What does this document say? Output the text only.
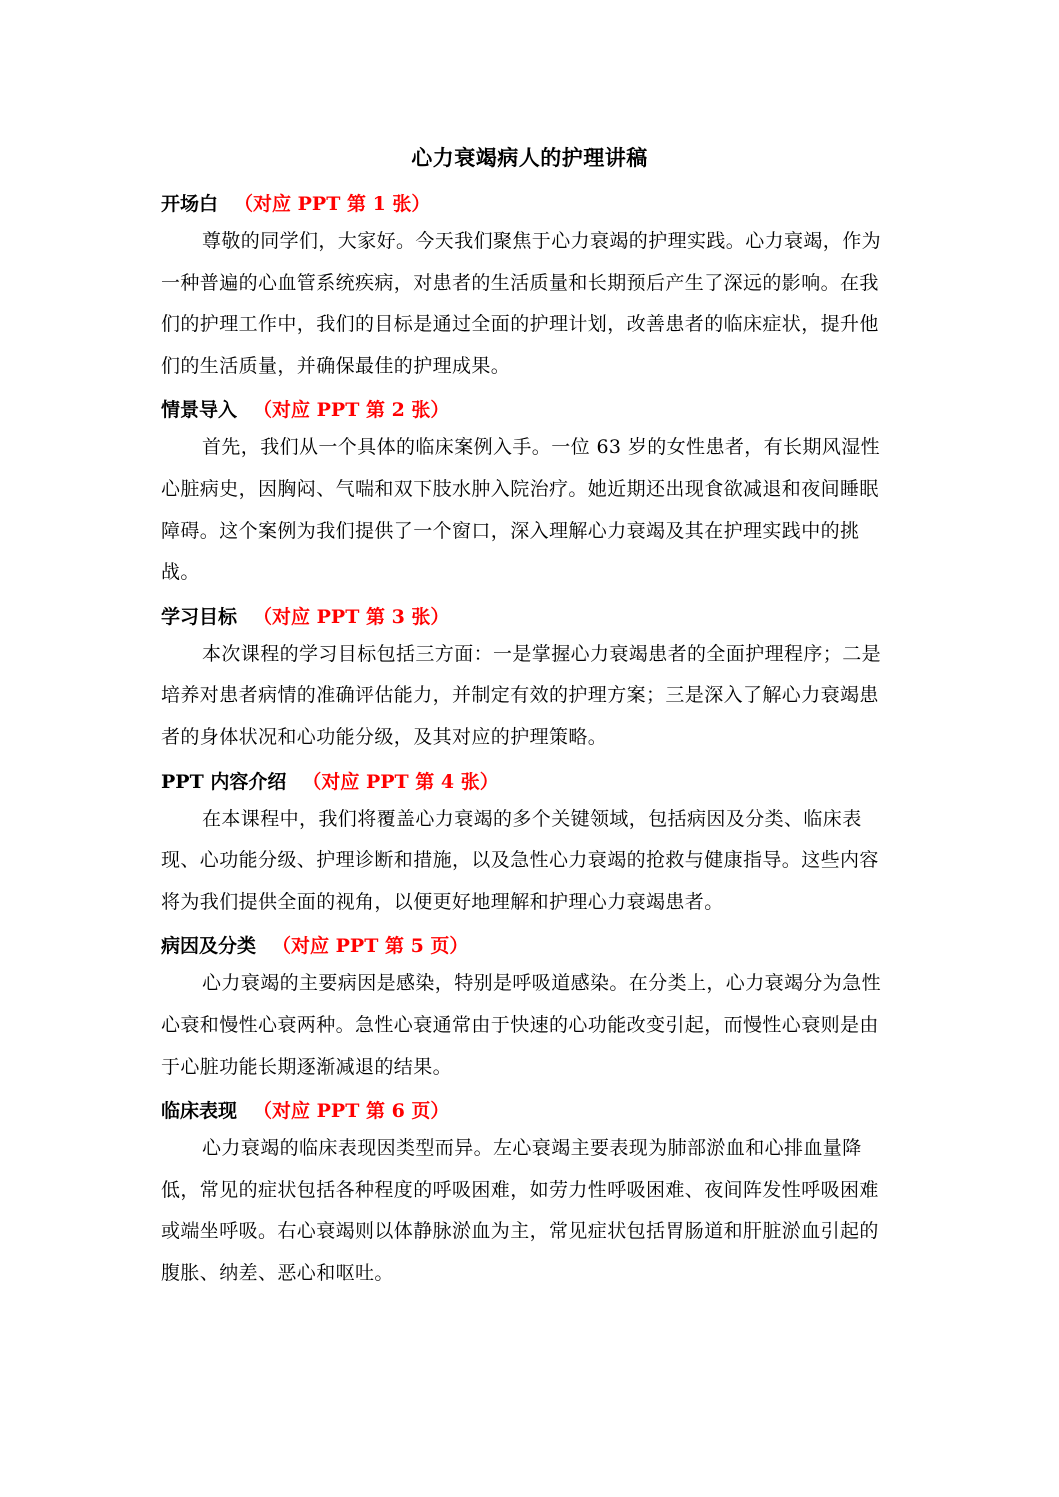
心力衰竭病人的护理讲稿
开场白 （对应 PPT 第 1 张）

尊敬的同学们，大家好。今天我们聚焦于心力衰竭的护理实践。心力衰竭，作为一种普遍的心血管系统疾病，对患者的生活质量和长期预后产生了深远的影响。在我们的护理工作中，我们的目标是通过全面的护理计划，改善患者的临床症状，提升他们的生活质量，并确保最佳的护理成果。

情景导入 （对应 PPT 第 2 张）

首先，我们从一个具体的临床案例入手。一位 63 岁的女性患者，有长期风湿性心脏病史，因胸闷、气喘和双下肢水肿入院治疗。她近期还出现食欲减退和夜间睡眠障碍。这个案例为我们提供了一个窗口，深入理解心力衰竭及其在护理实践中的挑战。

学习目标 （对应 PPT 第 3 张）

本次课程的学习目标包括三方面：一是掌握心力衰竭患者的全面护理程序；二是培养对患者病情的准确评估能力，并制定有效的护理方案；三是深入了解心力衰竭患者的身体状况和心功能分级，及其对应的护理策略。

PPT 内容介绍 （对应 PPT 第 4 张）

在本课程中，我们将覆盖心力衰竭的多个关键领域，包括病因及分类、临床表现、心功能分级、护理诊断和措施，以及急性心力衰竭的抢救与健康指导。这些内容将为我们提供全面的视角，以便更好地理解和护理心力衰竭患者。

病因及分类 （对应 PPT 第 5 页）

心力衰竭的主要病因是感染，特别是呼吸道感染。在分类上，心力衰竭分为急性心衰和慢性心衰两种。急性心衰通常由于快速的心功能改变引起，而慢性心衰则是由于心脏功能长期逐渐减退的结果。

临床表现 （对应 PPT 第 6 页）

心力衰竭的临床表现因类型而异。左心衰竭主要表现为肺部淤血和心排血量降低，常见的症状包括各种程度的呼吸困难，如劳力性呼吸困难、夜间阵发性呼吸困难或端坐呼吸。右心衰竭则以体静脉淤血为主，常见症状包括胃肠道和肝脏淤血引起的腹胀、纳差、恶心和呕吐。
